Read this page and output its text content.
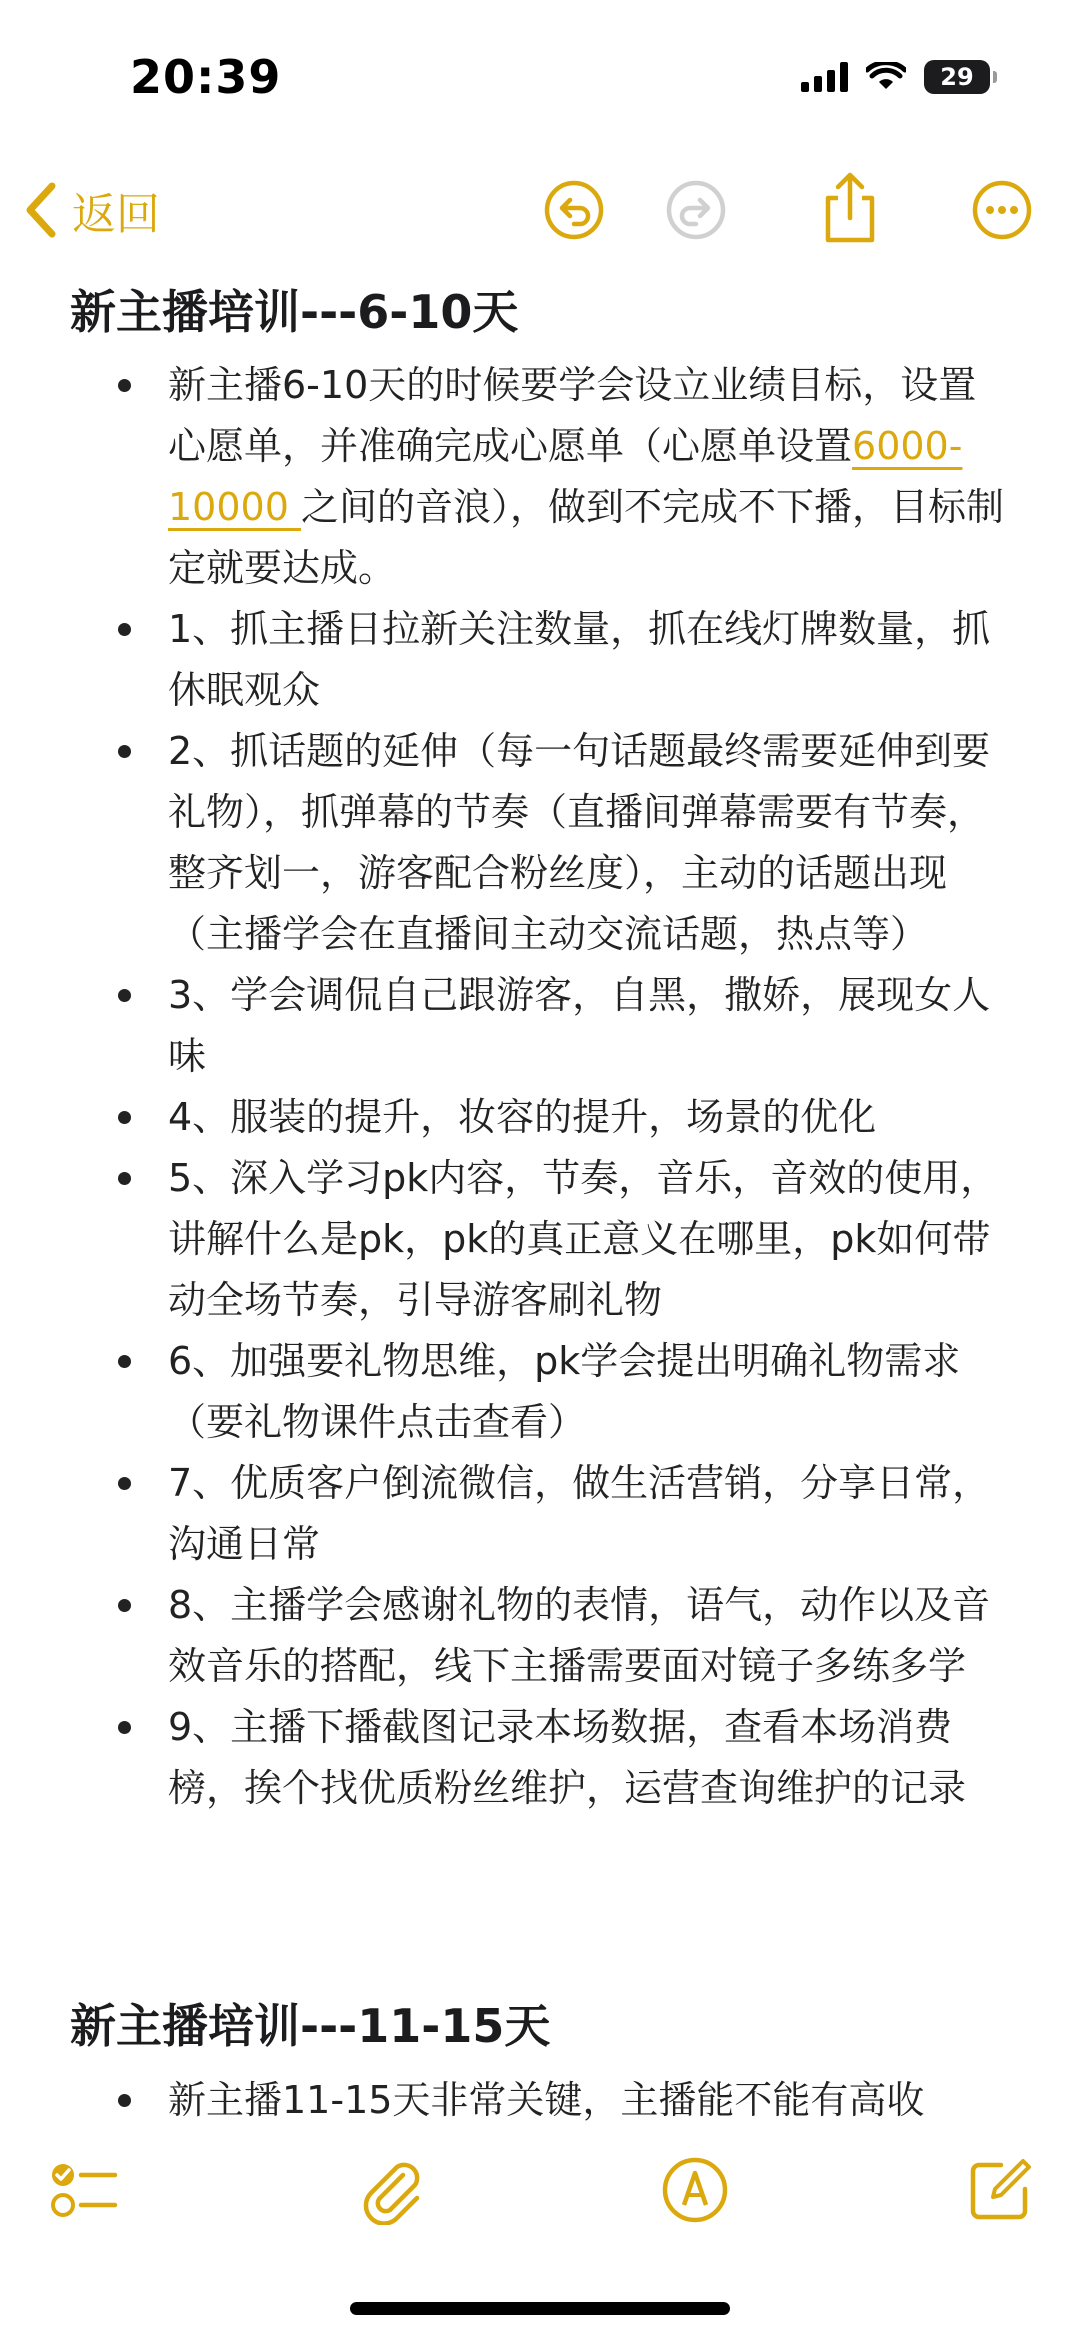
新主播培训---6-10天
新主播6-10天的时候要学会设立业绩目标，设置心愿单，并准确完成心愿单（心愿单设置6000-10000 之间的音浪），做到不完成不下播，目标制定就要达成。
1、抓主播日拉新关注数量，抓在线灯牌数量，抓休眠观众
2、抓话题的延伸（每一句话题最终需要延伸到要礼物），抓弹幕的节奏（直播间弹幕需要有节奏，整齐划一，游客配合粉丝度），主动的话题出现（主播学会在直播间主动交流话题，热点等）
3、学会调侃自己跟游客，自黑，撒娇，展现女人味
4、服装的提升，妆容的提升，场景的优化
5、深入学习pk内容，节奏，音乐，音效的使用，讲解什么是pk，pk的真正意义在哪里，pk如何带动全场节奏，引导游客刷礼物
6、加强要礼物思维，pk学会提出明确礼物需求（要礼物课件点击查看）
7、优质客户倒流微信，做生活营销，分享日常，沟通日常
8、主播学会感谢礼物的表情，语气，动作以及音效音乐的搭配，线下主播需要面对镜子多练多学
9、主播下播截图记录本场数据，查看本场消费榜，挨个找优质粉丝维护，运营查询维护的记录
新主播培训---11-15天
新主播11-15天非常关键，主播能不能有高收
20:39	29
返回
